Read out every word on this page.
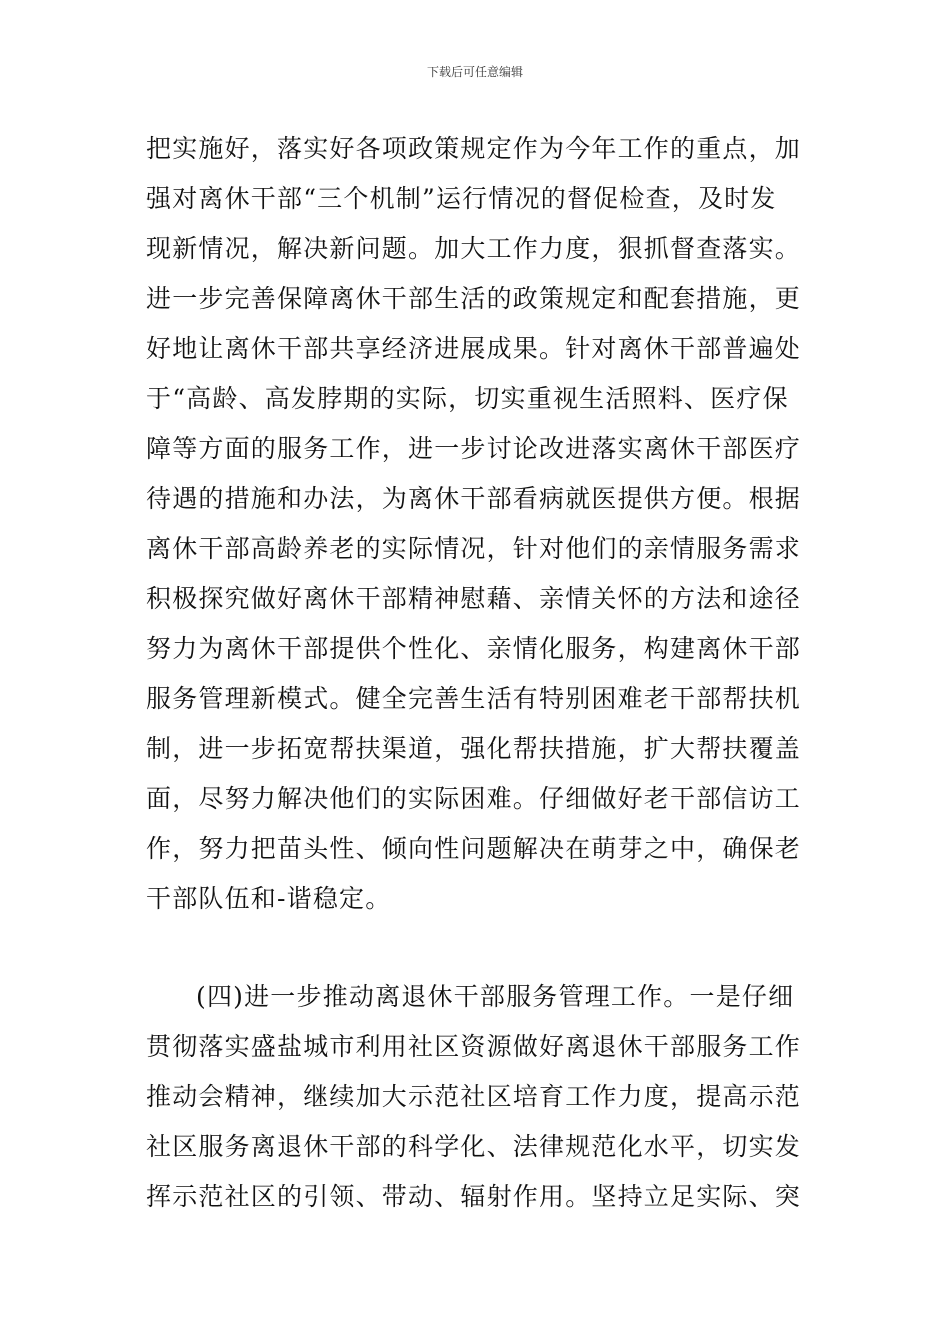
下载后可任意编辑
把实施好，落实好各项政策规定作为今年工作的重点，加
强对离休干部“三个机制”运行情况的督促检查，及时发
现新情况，解决新问题。加大工作力度，狠抓督查落实。
进一步完善保障离休干部生活的政策规定和配套措施，更
好地让离休干部共享经济进展成果。针对离休干部普遍处
于“高龄、高发脖期的实际，切实重视生活照料、医疗保
障等方面的服务工作，进一步讨论改进落实离休干部医疗
待遇的措施和办法，为离休干部看病就医提供方便。根据
离休干部高龄养老的实际情况，针对他们的亲情服务需求
积极探究做好离休干部精神慰藉、亲情关怀的方法和途径
努力为离休干部提供个性化、亲情化服务，构建离休干部
服务管理新模式。健全完善生活有特别困难老干部帮扶机
制，进一步拓宽帮扶渠道，强化帮扶措施，扩大帮扶覆盖
面，尽努力解决他们的实际困难。仔细做好老干部信访工
作，努力把苗头性、倾向性问题解决在萌芽之中，确保老
干部队伍和-谐稳定。
(四)进一步推动离退休干部服务管理工作。一是仔细
贯彻落实盛盐城市利用社区资源做好离退休干部服务工作
推动会精神，继续加大示范社区培育工作力度，提高示范
社区服务离退休干部的科学化、法律规范化水平，切实发
挥示范社区的引领、带动、辐射作用。坚持立足实际、突
